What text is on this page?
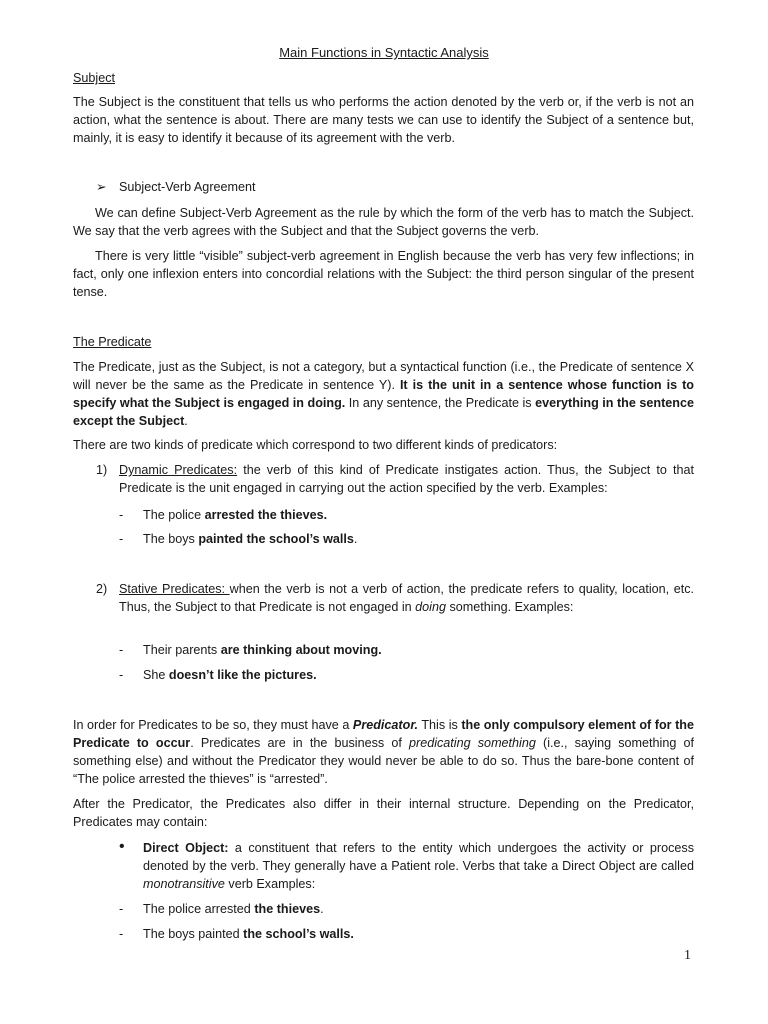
Main Functions in Syntactic Analysis
Subject
The Subject is the constituent that tells us who performs the action denoted by the verb or, if the verb is not an action, what the sentence is about. There are many tests we can use to identify the Subject of a sentence but, mainly, it is easy to identify it because of its agreement with the verb.
➢ Subject-Verb Agreement
We can define Subject-Verb Agreement as the rule by which the form of the verb has to match the Subject. We say that the verb agrees with the Subject and that the Subject governs the verb.
There is very little “visible” subject-verb agreement in English because the verb has very few inflections; in fact, only one inflexion enters into concordial relations with the Subject: the third person singular of the present tense.
The Predicate
The Predicate, just as the Subject, is not a category, but a syntactical function (i.e., the Predicate of sentence X will never be the same as the Predicate in sentence Y). It is the unit in a sentence whose function is to specify what the Subject is engaged in doing. In any sentence, the Predicate is everything in the sentence except the Subject.
There are two kinds of predicate which correspond to two different kinds of predicators:
1) Dynamic Predicates: the verb of this kind of Predicate instigates action. Thus, the Subject to that Predicate is the unit engaged in carrying out the action specified by the verb. Examples:
- The police arrested the thieves.
- The boys painted the school’s walls.
2) Stative Predicates: when the verb is not a verb of action, the predicate refers to quality, location, etc. Thus, the Subject to that Predicate is not engaged in doing something. Examples:
- Their parents are thinking about moving.
- She doesn’t like the pictures.
In order for Predicates to be so, they must have a Predicator. This is the only compulsory element of for the Predicate to occur. Predicates are in the business of predicating something (i.e., saying something of something else) and without the Predicator they would never be able to do so. Thus the bare-bone content of “The police arrested the thieves” is “arrested”.
After the Predicator, the Predicates also differ in their internal structure. Depending on the Predicator, Predicates may contain:
• Direct Object: a constituent that refers to the entity which undergoes the activity or process denoted by the verb. They generally have a Patient role. Verbs that take a Direct Object are called monotransitive verb Examples:
- The police arrested the thieves.
- The boys painted the school’s walls.
1
